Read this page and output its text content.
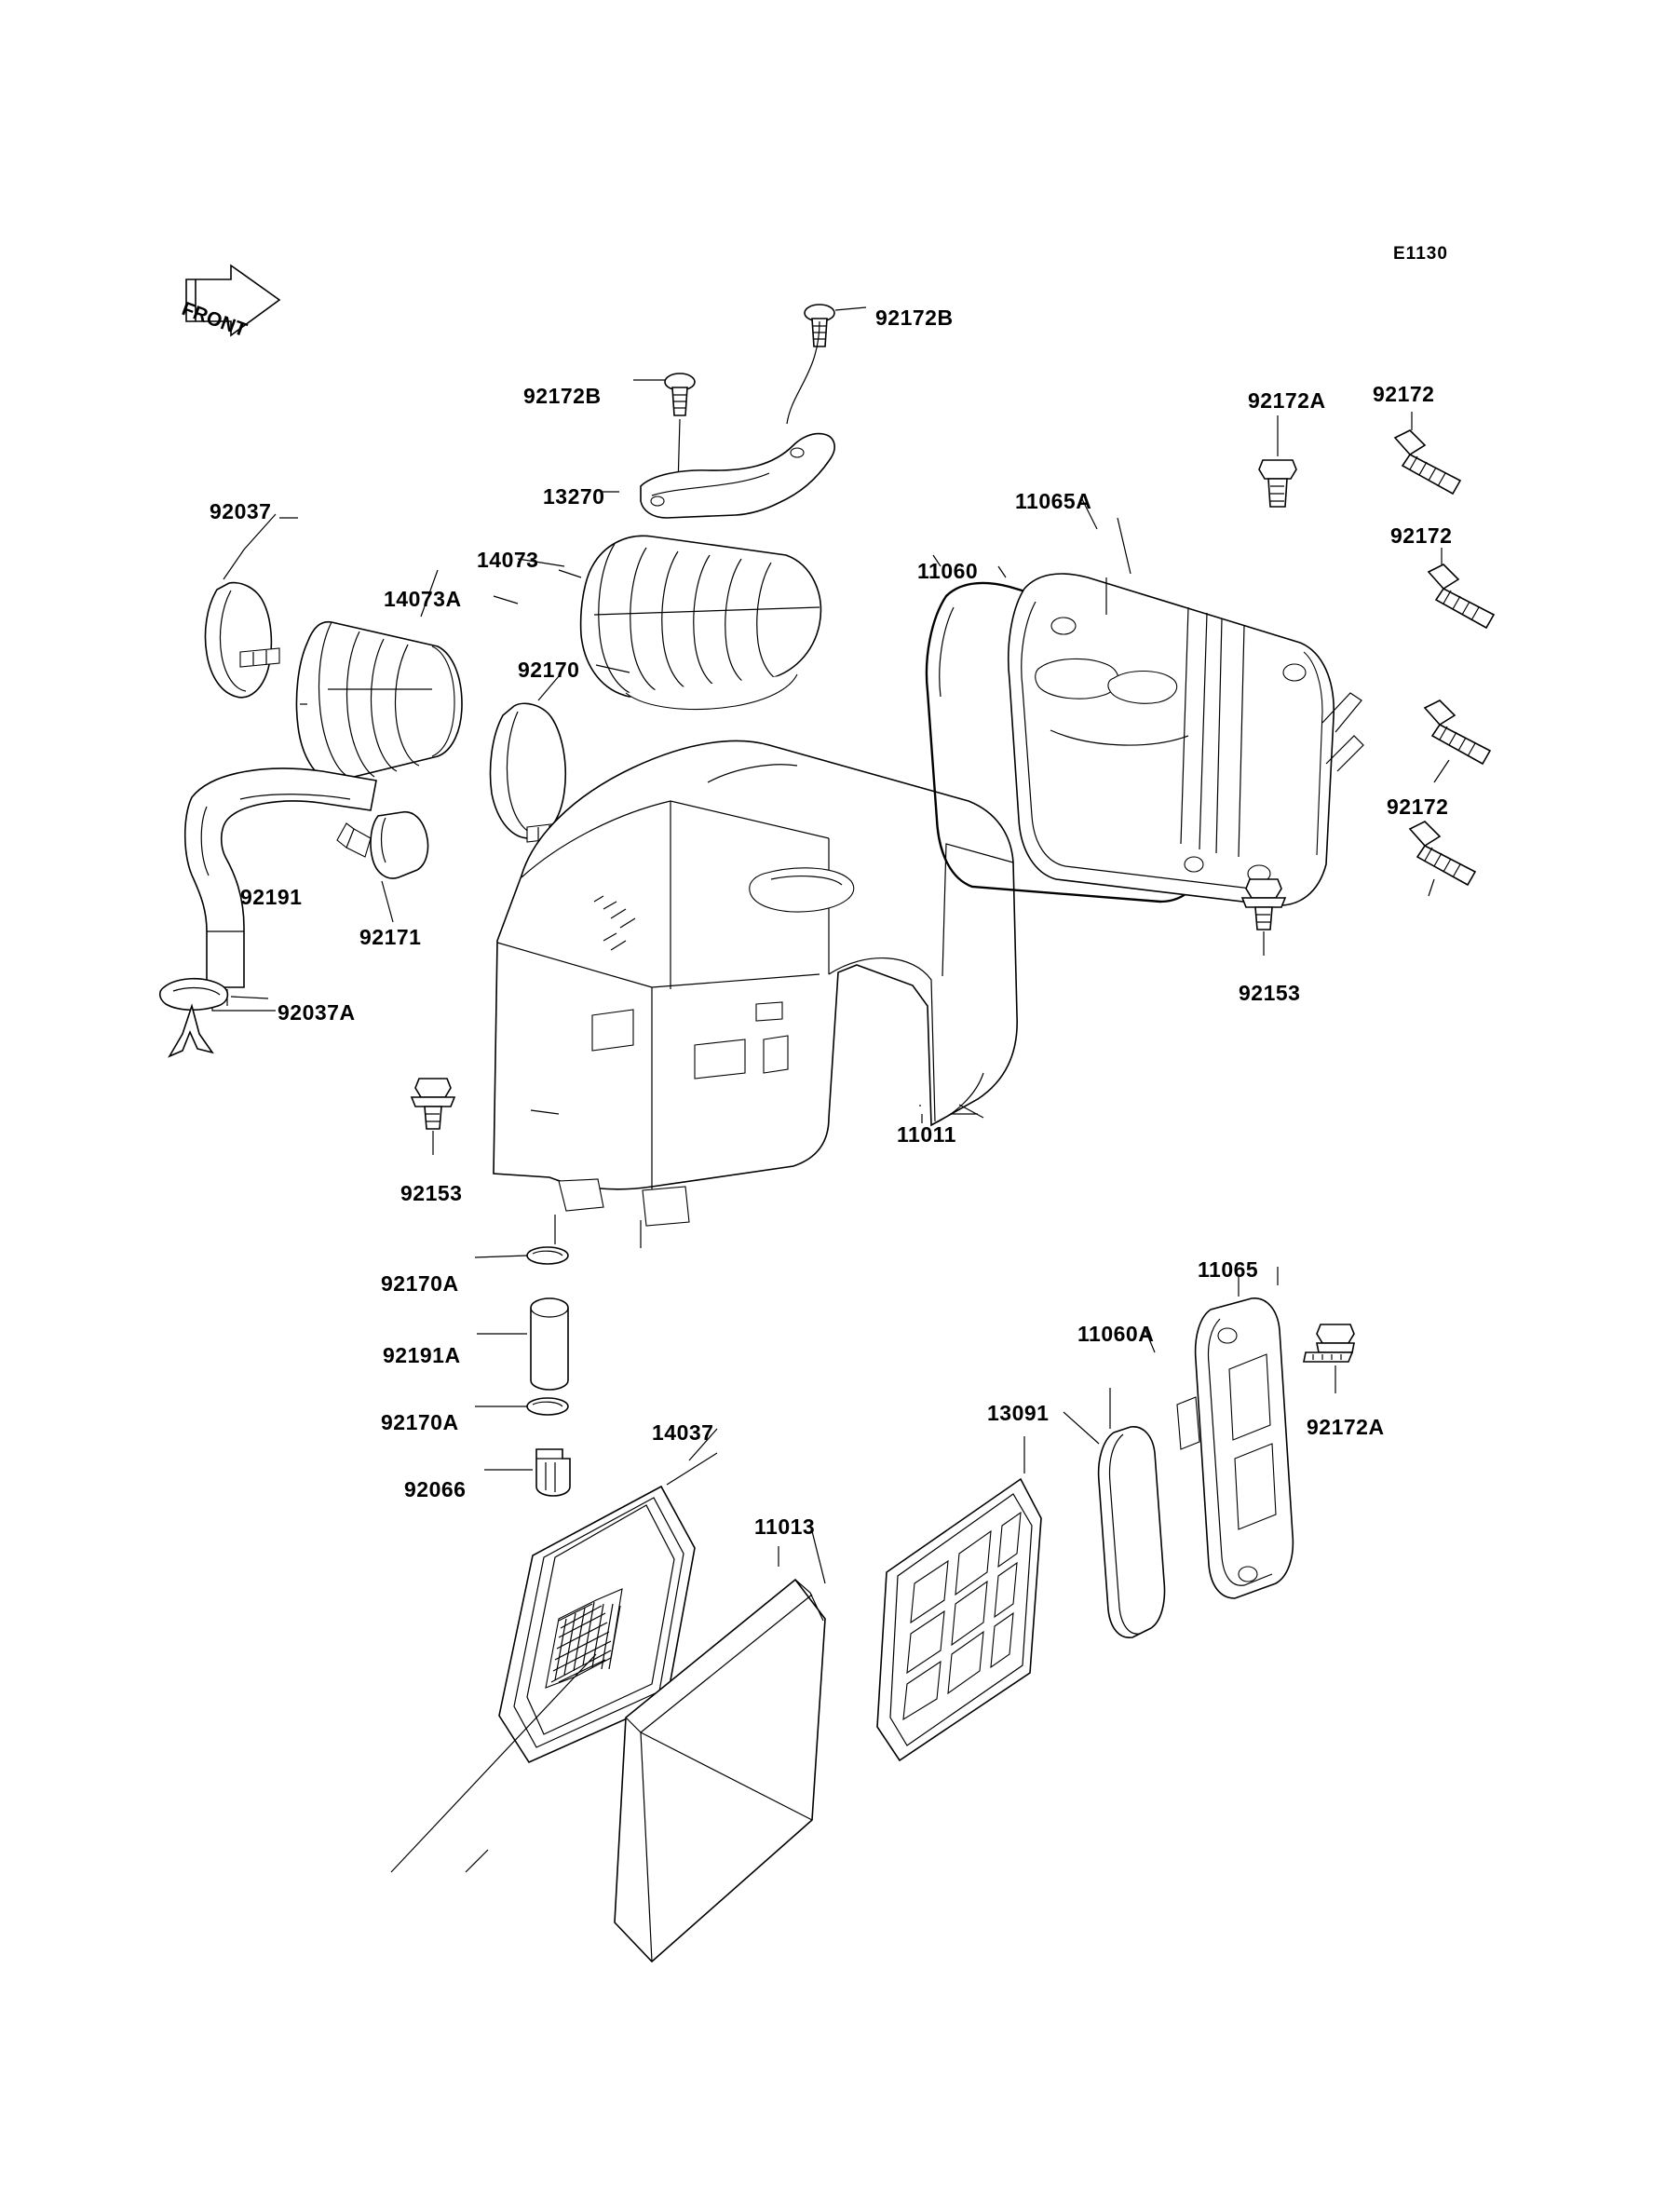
E1130
FRONT	92172B
92172B
13270
92172A 92172
11065A
92172
11060
92037
14073
14073A
92170
92172
92191
92171
92153
92037A
11011
92153
11065
92170A
11060A
92191A
92172A
13091
92170A	14037
92066
11013
